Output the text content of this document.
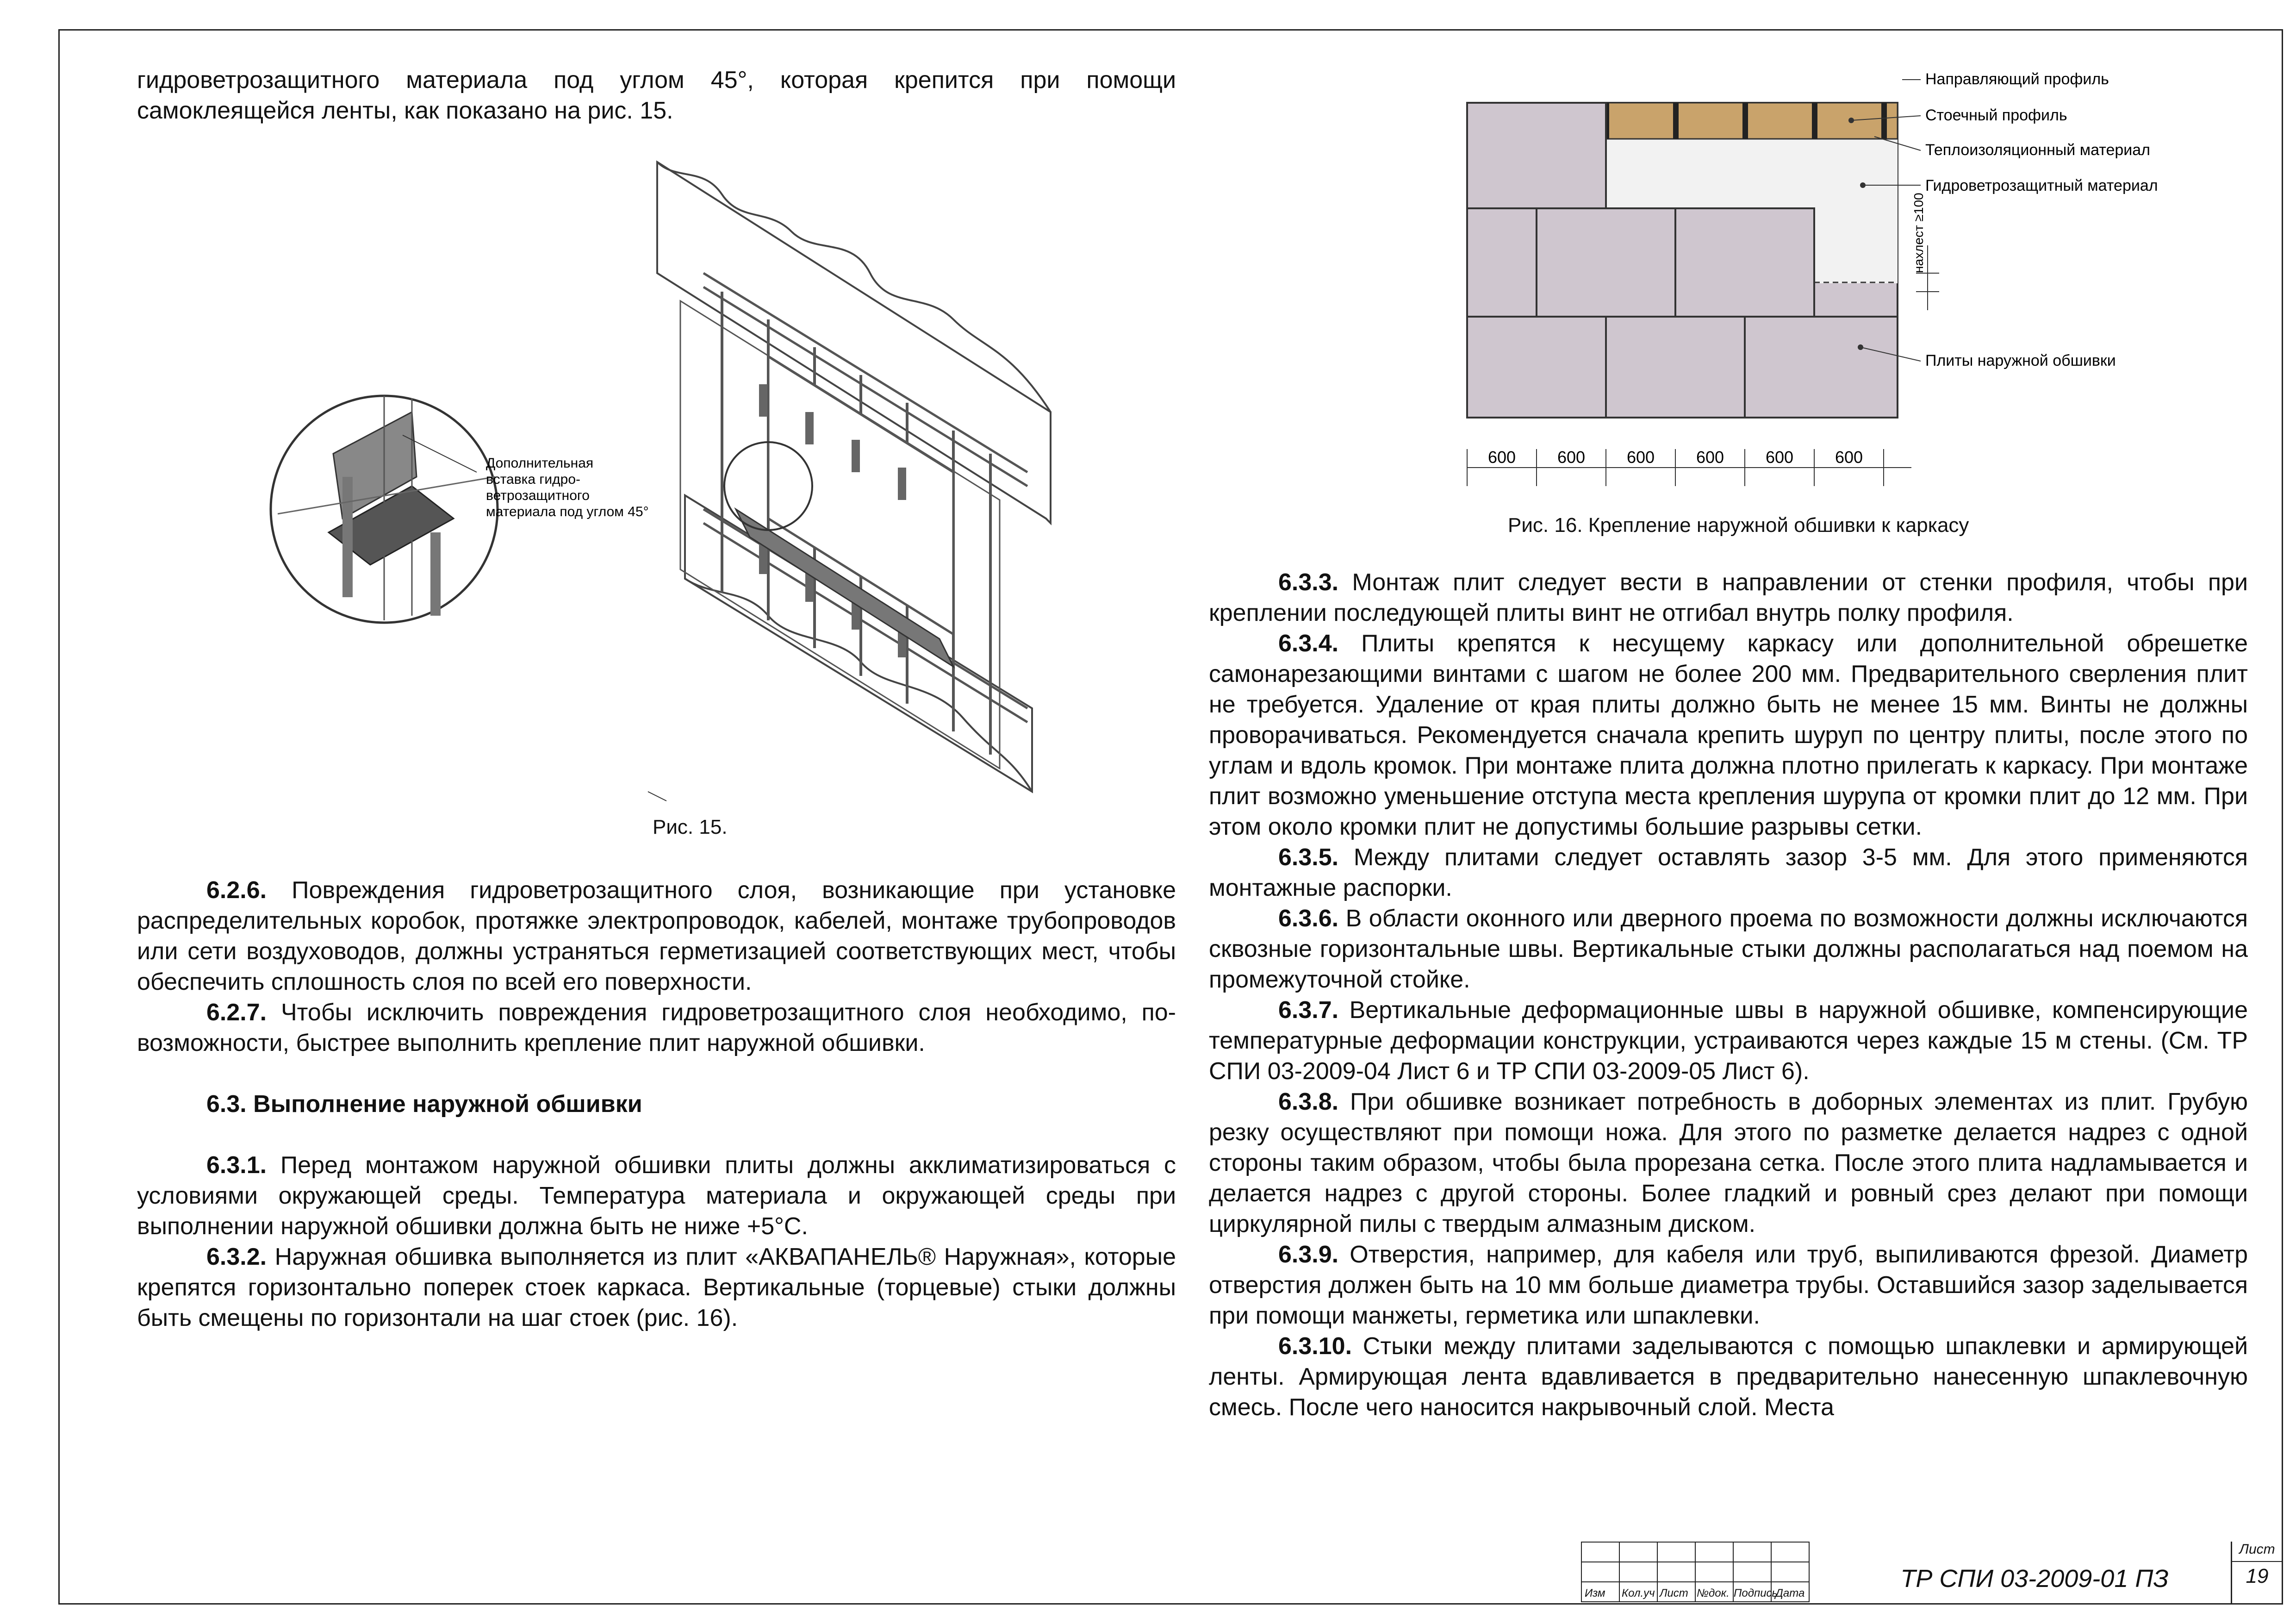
гидроветрозащитного материала под углом 45°, которая крепится при помощи самоклеящейся ленты, как показано на рис. 15.

Дополнительная
вставка гидро-
ветрозащитного
материала под углом 45°
Рис. 15.

6.2.6. Повреждения гидроветрозащитного слоя, возникающие при установке распределительных коробок, протяжке электропроводок, кабелей, монтаже трубопроводов или сети воздуховодов, должны устраняться герметизацией соответствующих мест, чтобы обеспечить сплошность слоя по всей его поверхности.

6.2.7. Чтобы исключить повреждения гидроветрозащитного слоя необходимо, по-возможности, быстрее выполнить крепление плит наружной обшивки.

6.3. Выполнение наружной обшивки

6.3.1. Перед монтажом наружной обшивки плиты должны акклиматизироваться с условиями окружающей среды. Температура материала и окружающей среды при выполнении наружной обшивки должна быть не ниже +5°С.

6.3.2. Наружная обшивка выполняется из плит «АКВАПАНЕЛЬ® Наружная», которые крепятся горизонтально поперек стоек каркаса. Вертикальные (торцевые) стыки должны быть смещены по горизонтали на шаг стоек (рис. 16).

нахлест ≥100
Направляющий профиль
Стоечный профиль
Теплоизоляционный материал
Гидроветрозащитный материал
Плиты наружной обшивки
600 600 600 600 600 600
Рис. 16. Крепление наружной обшивки к каркасу

6.3.3. Монтаж плит следует вести в направлении от стенки профиля, чтобы при креплении последующей плиты винт не отгибал внутрь полку профиля.

6.3.4. Плиты крепятся к несущему каркасу или дополнительной обрешетке самонарезающими винтами с шагом не более 200 мм. Предварительного сверления плит не требуется. Удаление от края плиты должно быть не менее 15 мм. Винты не должны проворачиваться. Рекомендуется сначала крепить шуруп по центру плиты, после этого по углам и вдоль кромок. При монтаже плита должна плотно прилегать к каркасу. При монтаже плит возможно уменьшение отступа места крепления шурупа от кромки плит до 12 мм. При этом около кромки плит не допустимы большие разрывы сетки.

6.3.5. Между плитами следует оставлять зазор 3-5 мм. Для этого применяются монтажные распорки.

6.3.6. В области оконного или дверного проема по возможности должны исключаются сквозные горизонтальные швы. Вертикальные стыки должны располагаться над поемом на промежуточной стойке.

6.3.7. Вертикальные деформационные швы в наружной обшивке, компенсирующие температурные деформации конструкции, устраиваются через каждые 15 м стены. (См. ТР СПИ 03-2009-04 Лист 6 и ТР СПИ 03-2009-05 Лист 6).

6.3.8. При обшивке возникает потребность в доборных элементах из плит. Грубую резку осуществляют при помощи ножа. Для этого по разметке делается надрез с одной стороны таким образом, чтобы была прорезана сетка. После этого плита надламывается и делается надрез с другой стороны. Более гладкий и ровный срез делают при помощи циркулярной пилы с твердым алмазным диском.

6.3.9. Отверстия, например, для кабеля или труб, выпиливаются фрезой. Диаметр отверстия должен быть на 10 мм больше диаметра трубы. Оставшийся зазор заделывается при помощи манжеты, герметика или шпаклевки.

6.3.10. Стыки между плитами заделываются с помощью шпаклевки и армирующей ленты. Армирующая лента вдавливается в предварительно нанесенную шпаклевочную смесь. После чего наносится накрывочный слой. Места

Изм Кол.уч Лист №док. Подпись
Дата
ТР СПИ 03-2009-01 ПЗ
Лист
19
